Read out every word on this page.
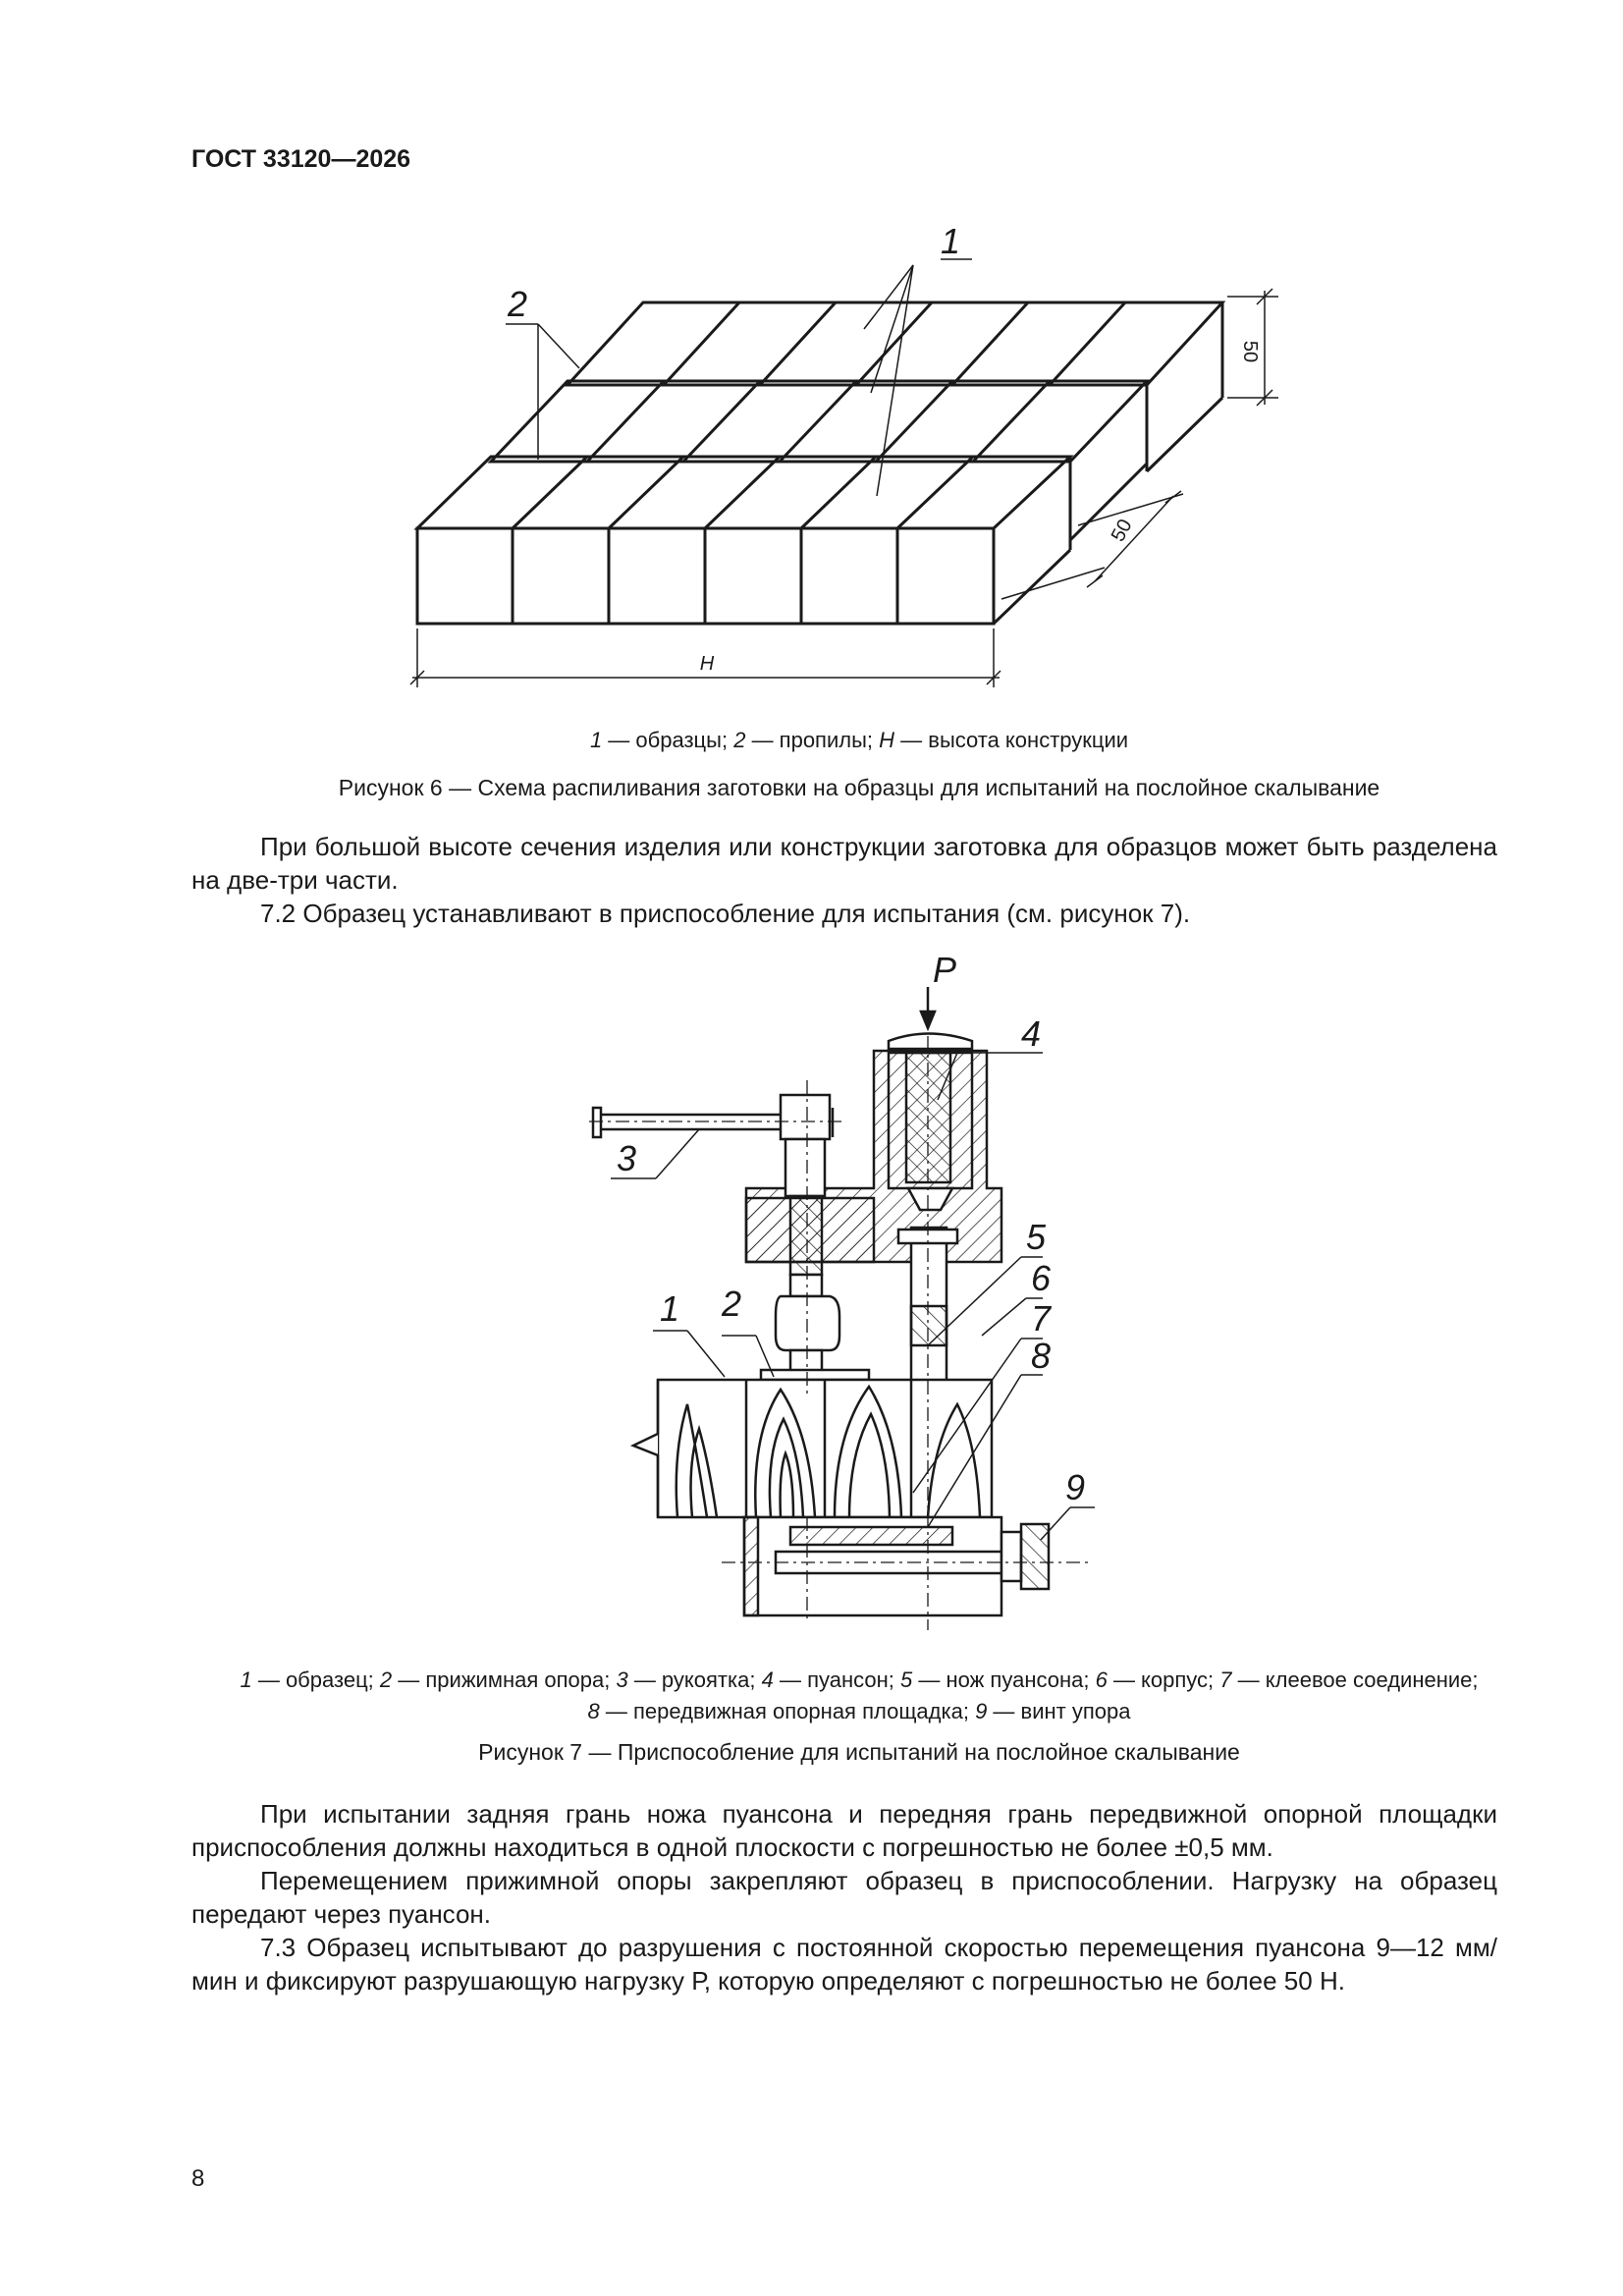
ГОСТ 33120—2026
1
2
50
50
H
1 — образцы; 2 — пропилы; H — высота конструкции
Рисунок 6 — Схема распиливания заготовки на образцы для испытаний на послойное скалывание

При большой высоте сечения изделия или конструкции заготовка для образцов может быть разделена на две-три части.

7.2 Образец устанавливают в приспособление для испытания (см. рисунок 7).

P
1 2
3
4
5
6
7
8
9
1 — образец; 2 — прижимная опора; 3 — рукоятка; 4 — пуансон; 5 — нож пуансона; 6 — корпус; 7 — клеевое соединение;
8 — передвижная опорная площадка; 9 — винт упора
Рисунок 7 — Приспособление для испытаний на послойное скалывание

При испытании задняя грань ножа пуансона и передняя грань передвижной опорной площадки приспособления должны находиться в одной плоскости с погрешностью не более ±0,5 мм.

Перемещением прижимной опоры закрепляют образец в приспособлении. Нагрузку на образец передают через пуансон.

7.3 Образец испытывают до разрушения с постоянной скоростью перемещения пуансона 9—12 мм/мин и фиксируют разрушающую нагрузку Р, которую определяют с погрешностью не более 50 Н.

8
